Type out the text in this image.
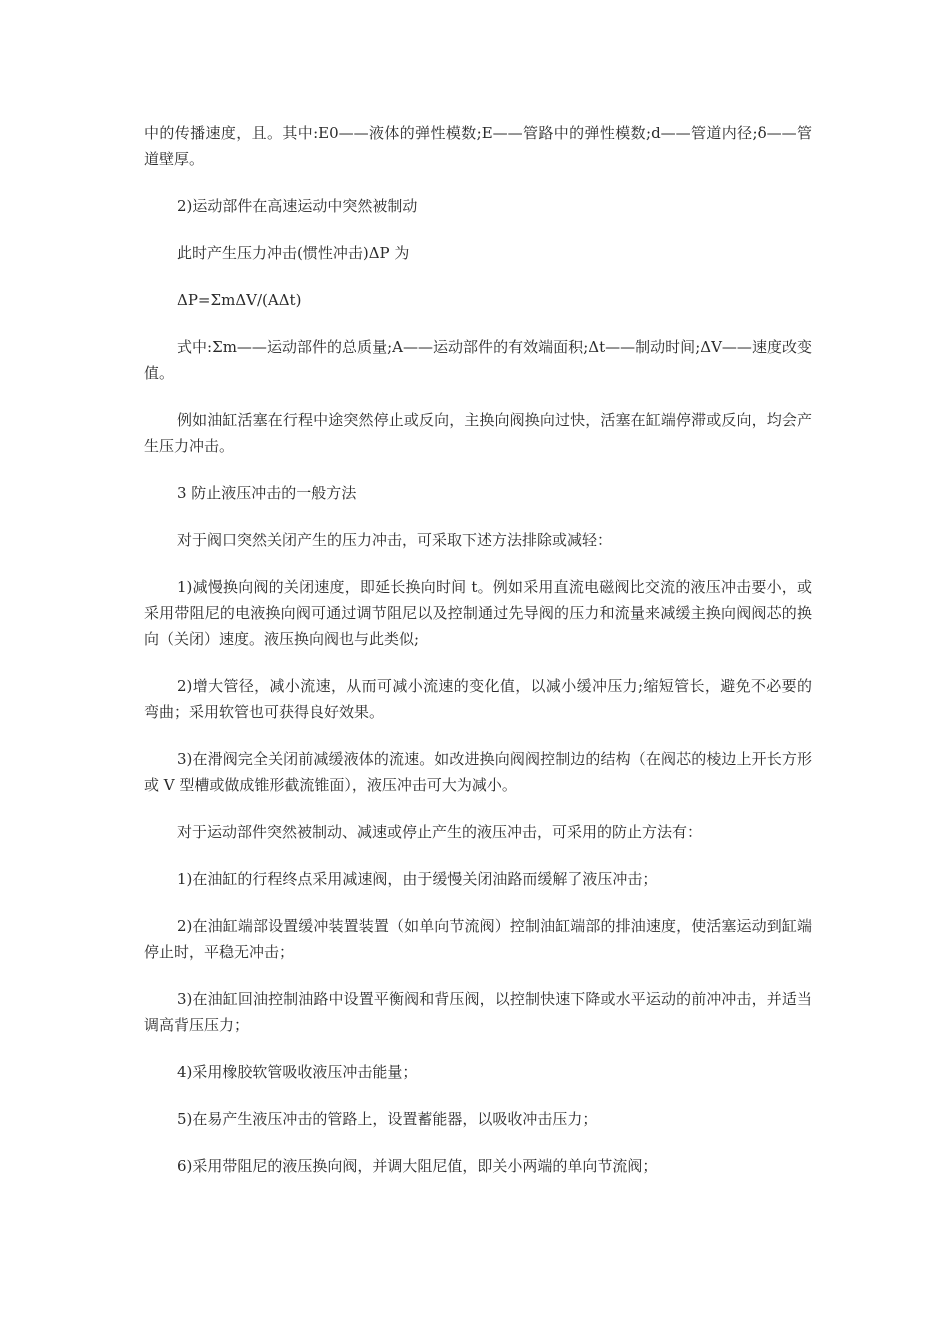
中的传播速度，且。其中:E0——液体的弹性模数;E——管路中的弹性模数;d——管道内径;δ——管道壁厚。

2)运动部件在高速运动中突然被制动

此时产生压力冲击(惯性冲击)ΔP 为

ΔP=ΣmΔV/(AΔt)

式中:Σm——运动部件的总质量;A——运动部件的有效端面积;Δt——制动时间;ΔV——速度改变值。

例如油缸活塞在行程中途突然停止或反向，主换向阀换向过快，活塞在缸端停滞或反向，均会产生压力冲击。

3 防止液压冲击的一般方法

对于阀口突然关闭产生的压力冲击，可采取下述方法排除或减轻：

1)减慢换向阀的关闭速度，即延长换向时间 t。例如采用直流电磁阀比交流的液压冲击要小，或采用带阻尼的电液换向阀可通过调节阻尼以及控制通过先导阀的压力和流量来减缓主换向阀阀芯的换向（关闭）速度。液压换向阀也与此类似;

2)增大管径，减小流速，从而可减小流速的变化值，以减小缓冲压力;缩短管长，避免不必要的弯曲；采用软管也可获得良好效果。

3)在滑阀完全关闭前减缓液体的流速。如改进换向阀阀控制边的结构（在阀芯的棱边上开长方形或 V 型槽或做成锥形截流锥面），液压冲击可大为减小。

对于运动部件突然被制动、减速或停止产生的液压冲击，可采用的防止方法有：

1)在油缸的行程终点采用减速阀，由于缓慢关闭油路而缓解了液压冲击；

2)在油缸端部设置缓冲装置装置（如单向节流阀）控制油缸端部的排油速度，使活塞运动到缸端停止时，平稳无冲击；

3)在油缸回油控制油路中设置平衡阀和背压阀，以控制快速下降或水平运动的前冲冲击，并适当调高背压压力；

4)采用橡胶软管吸收液压冲击能量；

5)在易产生液压冲击的管路上，设置蓄能器，以吸收冲击压力；

6)采用带阻尼的液压换向阀，并调大阻尼值，即关小两端的单向节流阀；
